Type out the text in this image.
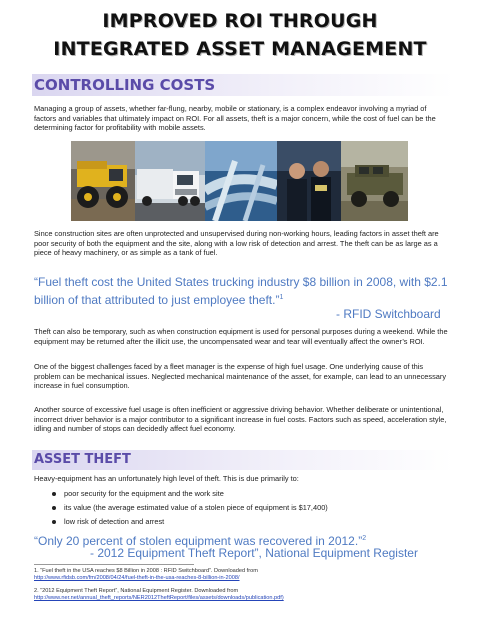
IMPROVED ROI THROUGH
INTEGRATED ASSET MANAGEMENT
CONTROLLING COSTS
Managing a group of assets, whether far-flung, nearby, mobile or stationary, is a complex endeavor involving a myriad of factors and variables that ultimately impact on ROI. For all assets, theft is a major concern, while the cost of fuel can be the determining factor for profitability with mobile assets.
Since construction sites are often unprotected and unsupervised during non-working hours, leading factors in asset theft are poor security of both the equipment and the site, along with a low risk of detection and arrest. The theft can be as large as a piece of heavy machinery, or as simple as a tank of fuel.
“Fuel theft cost the United States trucking industry $8 billion in 2008, with $2.1 billion of that attributed to just employee theft.”$^1$
- RFID Switchboard
Theft can also be temporary, such as when construction equipment is used for personal purposes during a weekend. While the equipment may be returned after the illicit use, the uncompensated wear and tear will eventually affect the owner’s ROI.
One of the biggest challenges faced by a fleet manager is the expense of high fuel usage. One underlying cause of this problem can be mechanical issues. Neglected mechanical maintenance of the asset, for example, can lead to an unnecessary increase in fuel consumption.
Another source of excessive fuel usage is often inefficient or aggressive driving behavior. Whether deliberate or unintentional, incorrect driver behavior is a major contributor to a significant increase in fuel costs. Factors such as speed, acceleration style, idling and number of stops can decidedly affect fuel economy.
ASSET THEFT
Heavy-equipment has an unfortunately high level of theft. This is due primarily to:
poor security for the equipment and the work site
its value (the average estimated value of a stolen piece of equipment is $17,400)
low risk of detection and arrest
“Only 20 percent of stolen equipment was recovered in 2012.”$^2$
- 2012 Equipment Theft Report”, National Equipment Register
1. “Fuel theft in the USA reaches $8 Billion in 2008 : RFID Switchboard”. Downloaded from
http://www.rfidsb.com/fm/2008/04/24/fuel-theft-in-the-usa-reaches-8-billion-in-2008/
2. “2012 Equipment Theft Report”, National Equipment Register. Downloaded from
http://www.ner.net/annual_theft_reports/NER2012TheftReport/files/assets/downloads/publication.pdf)
